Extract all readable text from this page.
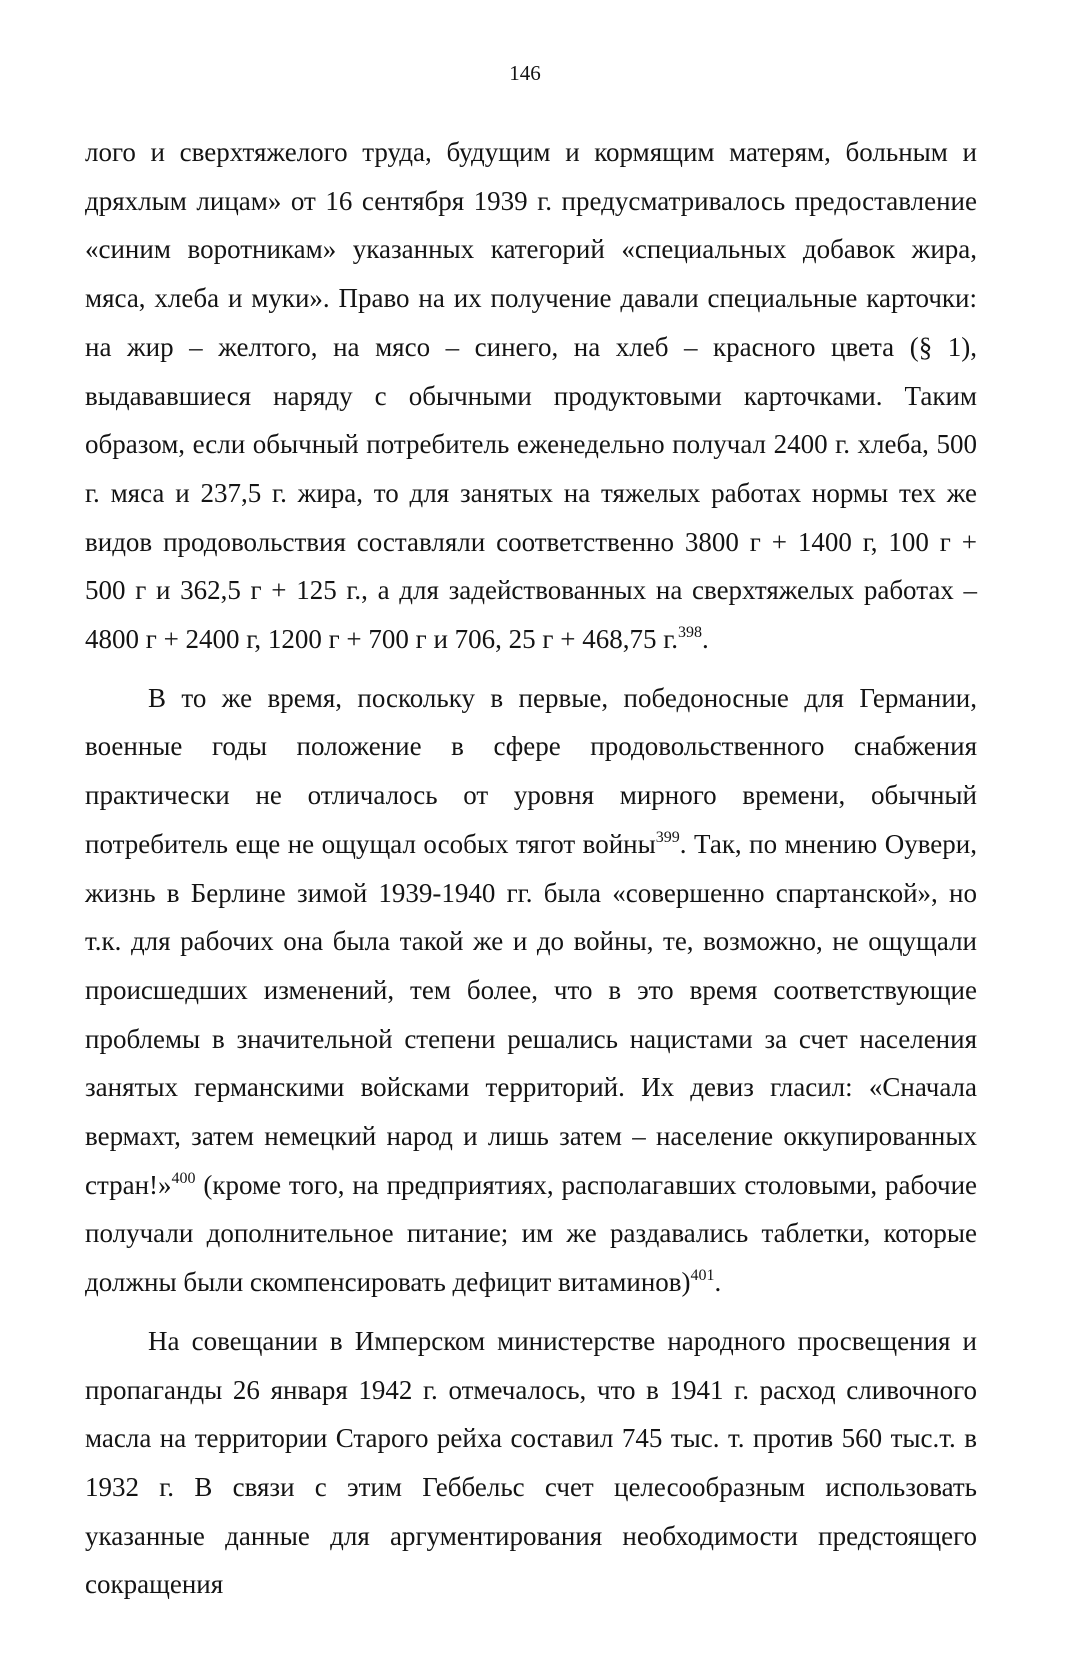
146

лого и сверхтяжелого труда, будущим и кормящим матерям, больным и дряхлым лицам» от 16 сентября 1939 г. предусматривалось предоставление «синим воротникам» указанных категорий «специальных добавок жира, мяса, хлеба и муки». Право на их получение давали специальные карточки: на жир – желтого, на мясо – синего, на хлеб – красного цвета (§ 1), выдававшиеся наряду с обычными продуктовыми карточками. Таким образом, если обычный потребитель еженедельно получал 2400 г. хлеба, 500 г. мяса и 237,5 г. жира, то для занятых на тяжелых работах нормы тех же видов продовольствия составляли соответственно 3800 г + 1400 г, 100 г + 500 г и 362,5 г + 125 г., а для задействованных на сверхтяжелых работах – 4800 г + 2400 г, 1200 г + 700 г и 706, 25 г + 468,75 г.$^{398}$.

В то же время, поскольку в первые, победоносные для Германии, военные годы положение в сфере продовольственного снабжения практически не отличалось от уровня мирного времени, обычный потребитель еще не ощущал особых тягот войны$^{399}$. Так, по мнению Оувери, жизнь в Берлине зимой 1939-1940 гг. была «совершенно спартанской», но т.к. для рабочих она была такой же и до войны, те, возможно, не ощущали происшедших изменений, тем более, что в это время соответствующие проблемы в значительной степени решались нацистами за счет населения занятых германскими войсками территорий. Их девиз гласил: «Сначала вермахт, затем немецкий народ и лишь затем – население оккупированных стран!»$^{400}$ (кроме того, на предприятиях, располагавших столовыми, рабочие получали дополнительное питание; им же раздавались таблетки, которые должны были скомпенсировать дефицит витаминов)$^{401}$.

На совещании в Имперском министерстве народного просвещения и пропаганды 26 января 1942 г. отмечалось, что в 1941 г. расход сливочного масла на территории Старого рейха составил 745 тыс. т. против 560 тыс.т. в 1932 г. В связи с этим Геббельс счет целесообразным использовать указанные данные для аргументирования необходимости предстоящего сокращения
